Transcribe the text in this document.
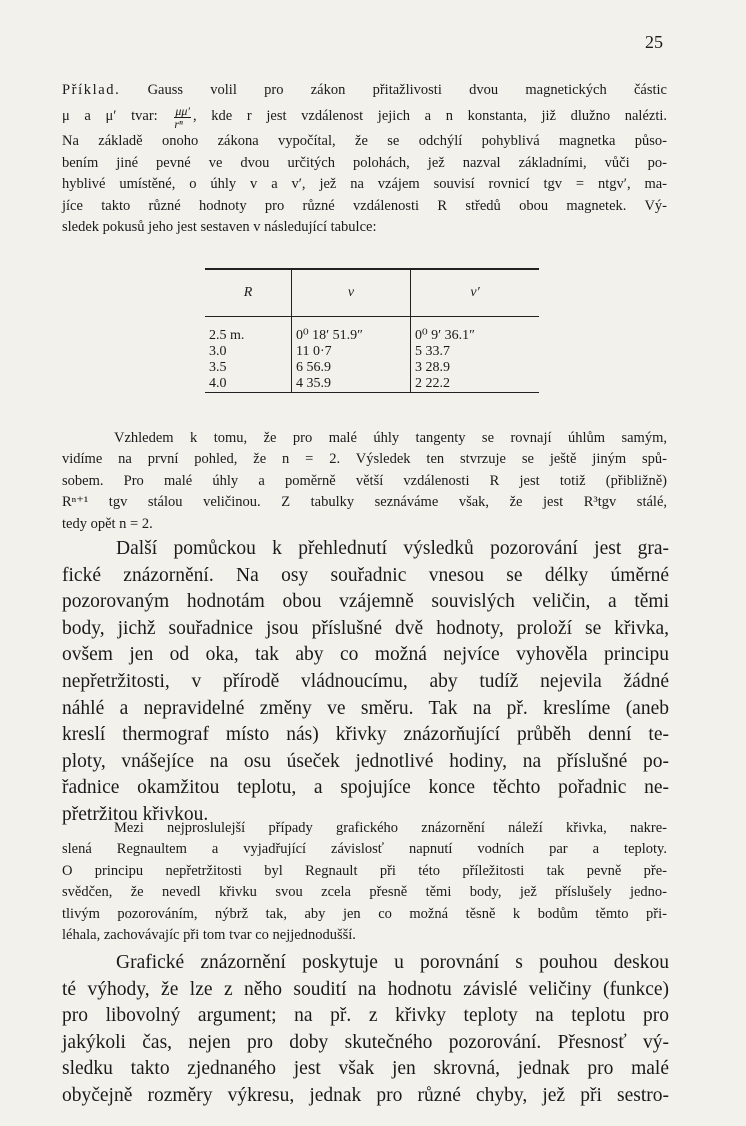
25
Příklad. Gauss volil pro zákon přitažlivosti dvou magnetických částic
μ a μ′ tvar: $\frac{\mu\mu'}{\text{rⁿ}}$ , kde r jest vzdálenost jejich a n konstanta, již dlužno nalézti.
Na základě onoho zákona vypočítal, že se odchýlí pohyblivá magnetka půso-
bením jiné pevné ve dvou určitých polohách, jež nazval základními, vůči po-
hyblivé umístěné, o úhly v a v′, jež na vzájem souvisí rovnicí tgv = ntgv′, ma-
jíce takto různé hodnoty pro různé vzdálenosti R středů obou magnetek. Vý-
sledek pokusů jeho jest sestaven v následující tabulce:
R	v	v′

2.5 m.	0⁰ 18′ 51.9″	0⁰ 9′ 36.1″
3.0	11 0·7	5 33.7
3.5	6 56.9	3 28.9
4.0	4 35.9	2 22.2
Vzhledem k tomu, že pro malé úhly tangenty se rovnají úhlům samým,
vidíme na první pohled, že n = 2. Výsledek ten stvrzuje se ještě jiným spů-
sobem. Pro malé úhly a poměrně větší vzdálenosti R jest totiž (přibližně)
Rⁿ⁺¹ tgv stálou veličinou. Z tabulky seznáváme však, že jest R³tgv stálé,
tedy opět n = 2.
Další pomůckou k přehlednutí výsledků pozorování jest gra-
fické znázornění. Na osy souřadnic vnesou se délky úměrné
pozorovaným hodnotám obou vzájemně souvislých veličin, a těmi
body, jichž souřadnice jsou příslušné dvě hodnoty, proloží se křivka,
ovšem jen od oka, tak aby co možná nejvíce vyhověla principu
nepřetržitosti, v přírodě vládnoucímu, aby tudíž nejevila žádné
náhlé a nepravidelné změny ve směru. Tak na př. kreslíme (aneb
kreslí thermograf místo nás) křivky znázorňující průběh denní te-
ploty, vnášejíce na osu úseček jednotlivé hodiny, na příslušné po-
řadnice okamžitou teplotu, a spojujíce konce těchto pořadnic ne-
přetržitou křivkou.
Mezi nejproslulejší případy grafického znázornění náleží křivka, nakre-
slená Regnaultem a vyjadřující závislosť napnutí vodních par a teploty.
O principu nepřetržitosti byl Regnault při této příležitosti tak pevně pře-
svědčen, že nevedl křivku svou zcela přesně těmi body, jež příslušely jedno-
tlivým pozorováním, nýbrž tak, aby jen co možná těsně k bodům těmto při-
léhala, zachovávajíc při tom tvar co nejjednodušší.
Grafické znázornění poskytuje u porovnání s pouhou deskou
té výhody, že lze z něho soudití na hodnotu závislé veličiny (funkce)
pro libovolný argument; na př. z křivky teploty na teplotu pro
jakýkoli čas, nejen pro doby skutečného pozorování. Přesnosť vý-
sledku takto zjednaného jest však jen skrovná, jednak pro malé
obyčejně rozměry výkresu, jednak pro různé chyby, jež při sestro-
